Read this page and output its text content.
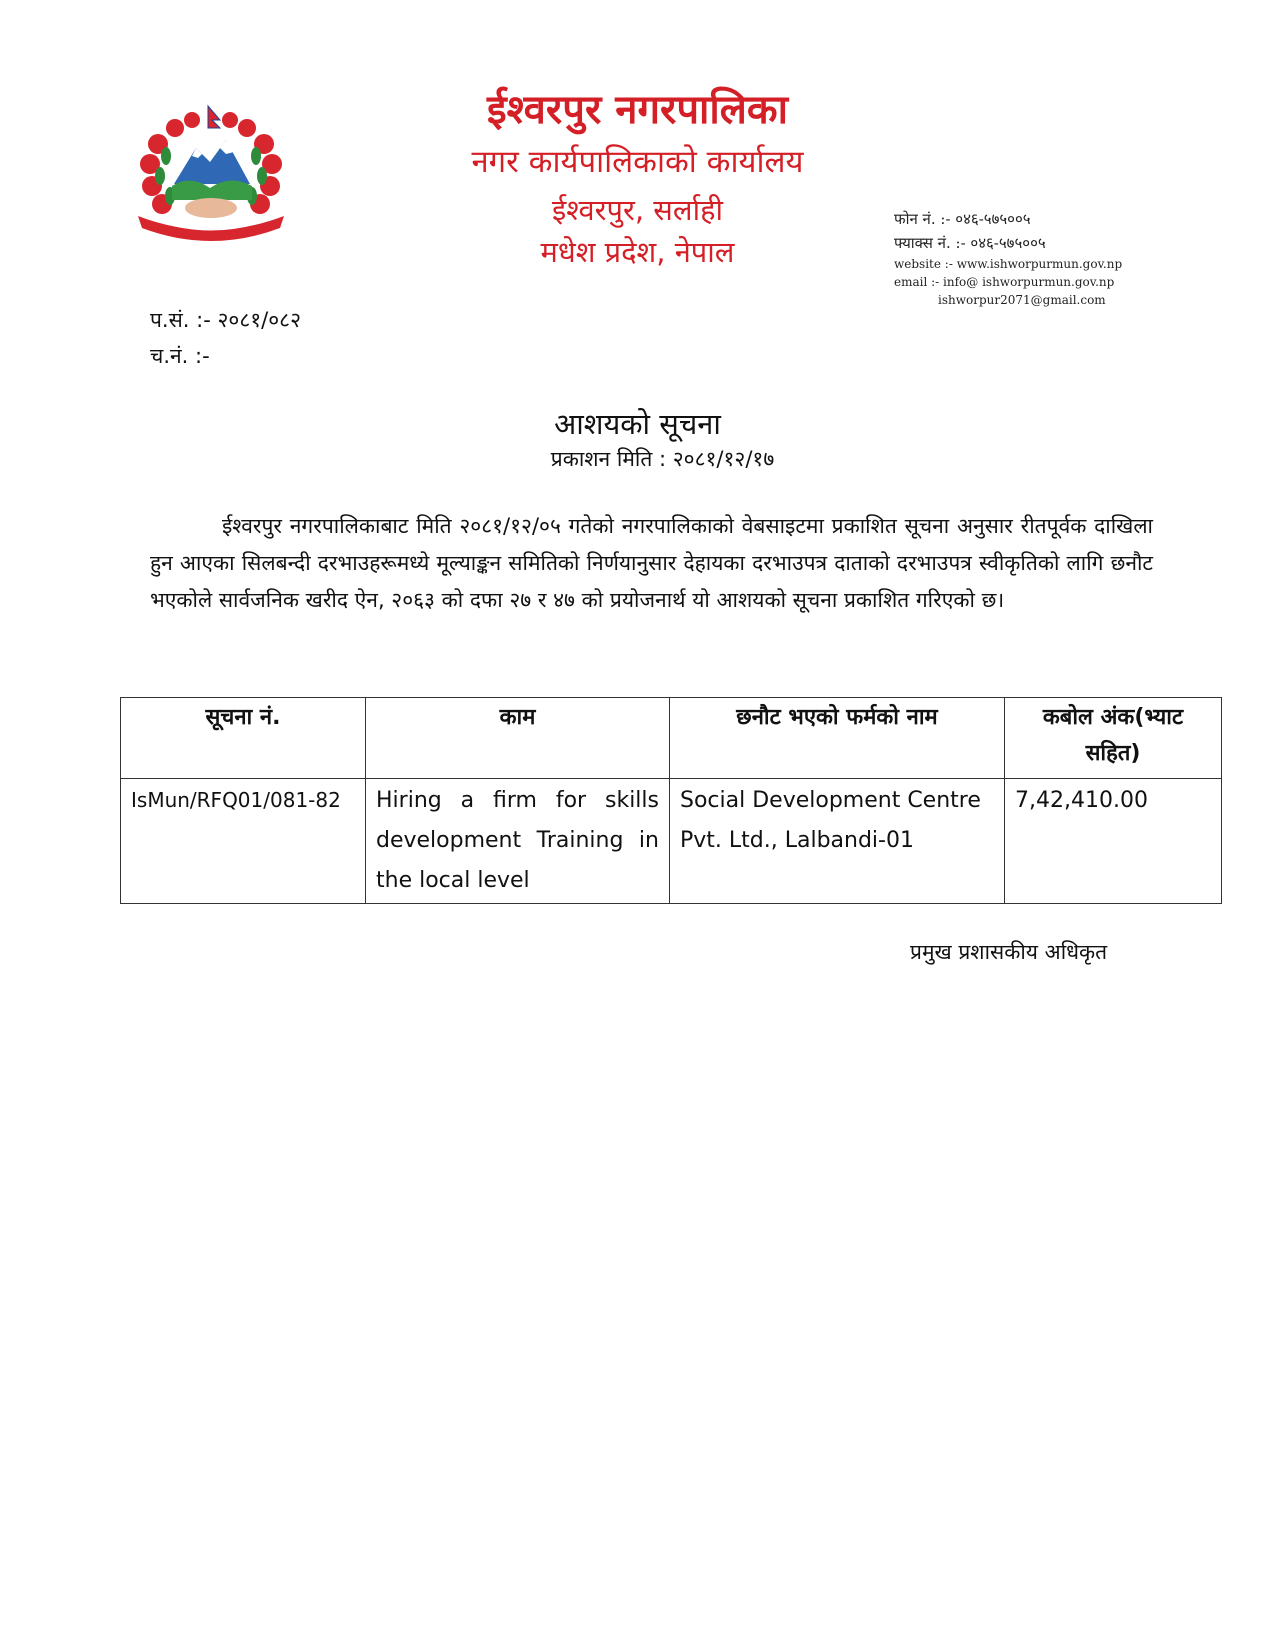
ईश्वरपुर नगरपालिका
नगर कार्यपालिकाको कार्यालय
ईश्वरपुर, सर्लाही
मधेश प्रदेश, नेपाल
फोन नं. :- ०४६-५७५००५
फ्याक्स नं. :- ०४६-५७५००५
website :- www.ishworpurmun.gov.np
email :- info@ ishworpurmun.gov.np
ishworpur2071@gmail.com
प.सं. :- २०८१/०८२
च.नं. :-
आशयको सूचना
प्रकाशन मिति : २०८१/१२/१७
ईश्वरपुर नगरपालिकाबाट मिति २०८१/१२/०५ गतेको नगरपालिकाको वेबसाइटमा प्रकाशित सूचना अनुसार रीतपूर्वक दाखिला हुन आएका सिलबन्दी दरभाउहरूमध्ये मूल्याङ्कन समितिको निर्णयानुसार देहायका दरभाउपत्र दाताको दरभाउपत्र स्वीकृतिको लागि छनौट भएकोले सार्वजनिक खरीद ऐन, २०६३ को दफा २७ र ४७ को प्रयोजनार्थ यो आशयको सूचना प्रकाशित गरिएको छ।
सूचना नं.	काम	छनौट भएको फर्मको नाम	कबोल अंक(भ्याट सहित)
IsMun/RFQ01/081-82	Hiring a firm for skills development Training in the local level	Social Development Centre Pvt. Ltd., Lalbandi-01	7,42,410.00
प्रमुख प्रशासकीय अधिकृत
